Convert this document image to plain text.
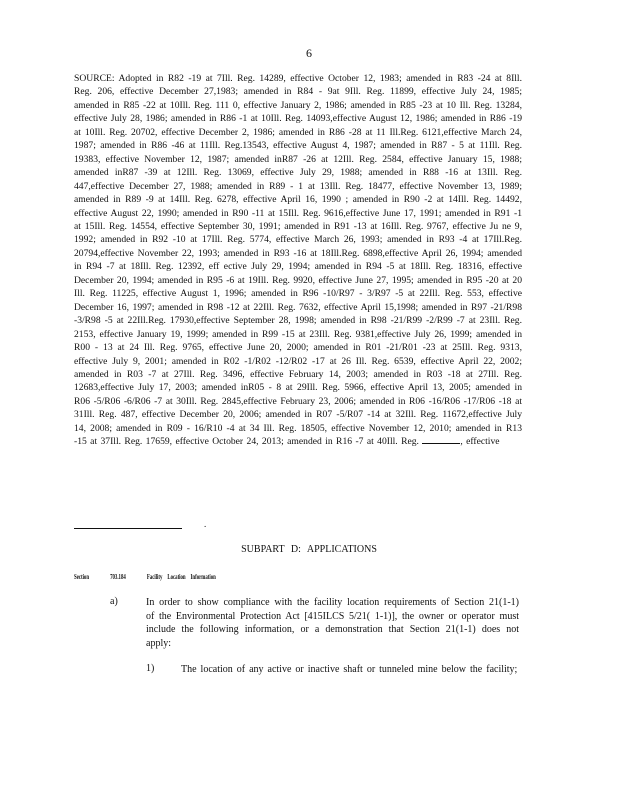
6
SOURCE: Adopted in R82 -19 at 7Ill. Reg. 14289, effective October 12, 1983; amended in R83 -24 at 8Ill. Reg. 206, effective December 27,1983; amended in R84 - 9at 9Ill. Reg. 11899, effective July 24, 1985; amended in R85 -22 at 10Ill. Reg. 111 0, effective January 2, 1986; amended in R85 -23 at 10 Ill. Reg. 13284, effective July 28, 1986; amended in R86 -1 at 10Ill. Reg. 14093,effective August 12, 1986; amended in R86 -19 at 10Ill. Reg. 20702, effective December 2, 1986; amended in R86 -28 at 11 Ill.Reg. 6121,effective March 24, 1987; amended in R86 -46 at 11Ill. Reg.13543, effective August 4, 1987; amended in R87 - 5 at 11Ill. Reg. 19383, effective November 12, 1987; amended inR87 -26 at 12Ill. Reg. 2584, effective January 15, 1988; amended inR87 -39 at 12Ill. Reg. 13069, effective July 29, 1988; amended in R88 -16 at 13Ill. Reg. 447,effective December 27, 1988; amended in R89 - 1 at 13Ill. Reg. 18477, effective November 13, 1989; amended in R89 -9 at 14Ill. Reg. 6278, effective April 16, 1990 ; amended in R90 -2 at 14Ill. Reg. 14492, effective August 22, 1990; amended in R90 -11 at 15Ill. Reg. 9616,effective June 17, 1991; amended in R91 -1 at 15Ill. Reg. 14554, effective September 30, 1991; amended in R91 -13 at 16Ill. Reg. 9767, effective Ju ne 9, 1992; amended in R92 -10 at 17Ill. Reg. 5774, effective March 26, 1993; amended in R93 -4 at 17Ill.Reg. 20794,effective November 22, 1993; amended in R93 -16 at 18Ill.Reg. 6898,effective April 26, 1994; amended in R94 -7 at 18Ill. Reg. 12392, eff ective July 29, 1994; amended in R94 -5 at 18Ill. Reg. 18316, effective December 20, 1994; amended in R95 -6 at 19Ill. Reg. 9920, effective June 27, 1995; amended in R95 -20 at 20 Ill. Reg. 11225, effective August 1, 1996; amended in R96 -10/R97 - 3/R97 -5 at 22Ill. Reg. 553, effective December 16, 1997; amended in R98 -12 at 22Ill. Reg. 7632, effective April 15,1998; amended in R97 -21/R98 -3/R98 -5 at 22Ill.Reg. 17930,effective September 28, 1998; amended in R98 -21/R99 -2/R99 -7 at 23Ill. Reg. 2153, effective January 19, 1999; amended in R99 -15 at 23Ill. Reg. 9381,effective July 26, 1999; amended in R00 - 13 at 24 Ill. Reg. 9765, effective June 20, 2000; amended in R01 -21/R01 -23 at 25Ill. Reg. 9313, effective July 9, 2001; amended in R02 -1/R02 -12/R02 -17 at 26 Ill. Reg. 6539, effective April 22, 2002; amended in R03 -7 at 27Ill. Reg. 3496, effective February 14, 2003; amended in R03 -18 at 27Ill. Reg. 12683,effective July 17, 2003; amended inR05 - 8 at 29Ill. Reg. 5966, effective April 13, 2005; amended in R06 -5/R06 -6/R06 -7 at 30Ill. Reg. 2845,effective February 23, 2006; amended in R06 -16/R06 -17/R06 -18 at 31Ill. Reg. 487, effective December 20, 2006; amended in R07 -5/R07 -14 at 32Ill. Reg. 11672,effective July 14, 2008; amended in R09 - 16/R10 -4 at 34 Ill. Reg. 18505, effective November 12, 2010; amended in R13 -15 at 37Ill. Reg. 17659, effective October 24, 2013; amended in R16 -7 at 40Ill. Reg.	, effective
.
SUBPART D: APPLICATIONS
Section	703.184	Facility Location Information
a)	In order to show compliance with the facility location requirements of Section 21(1-1) of the Environmental Protection Act [415ILCS 5/21( 1-1)], the owner or operator must include the following information, or a demonstration that Section 21(1-1) does not apply:
1)	The location of any active or inactive shaft or tunneled mine below the facility;
